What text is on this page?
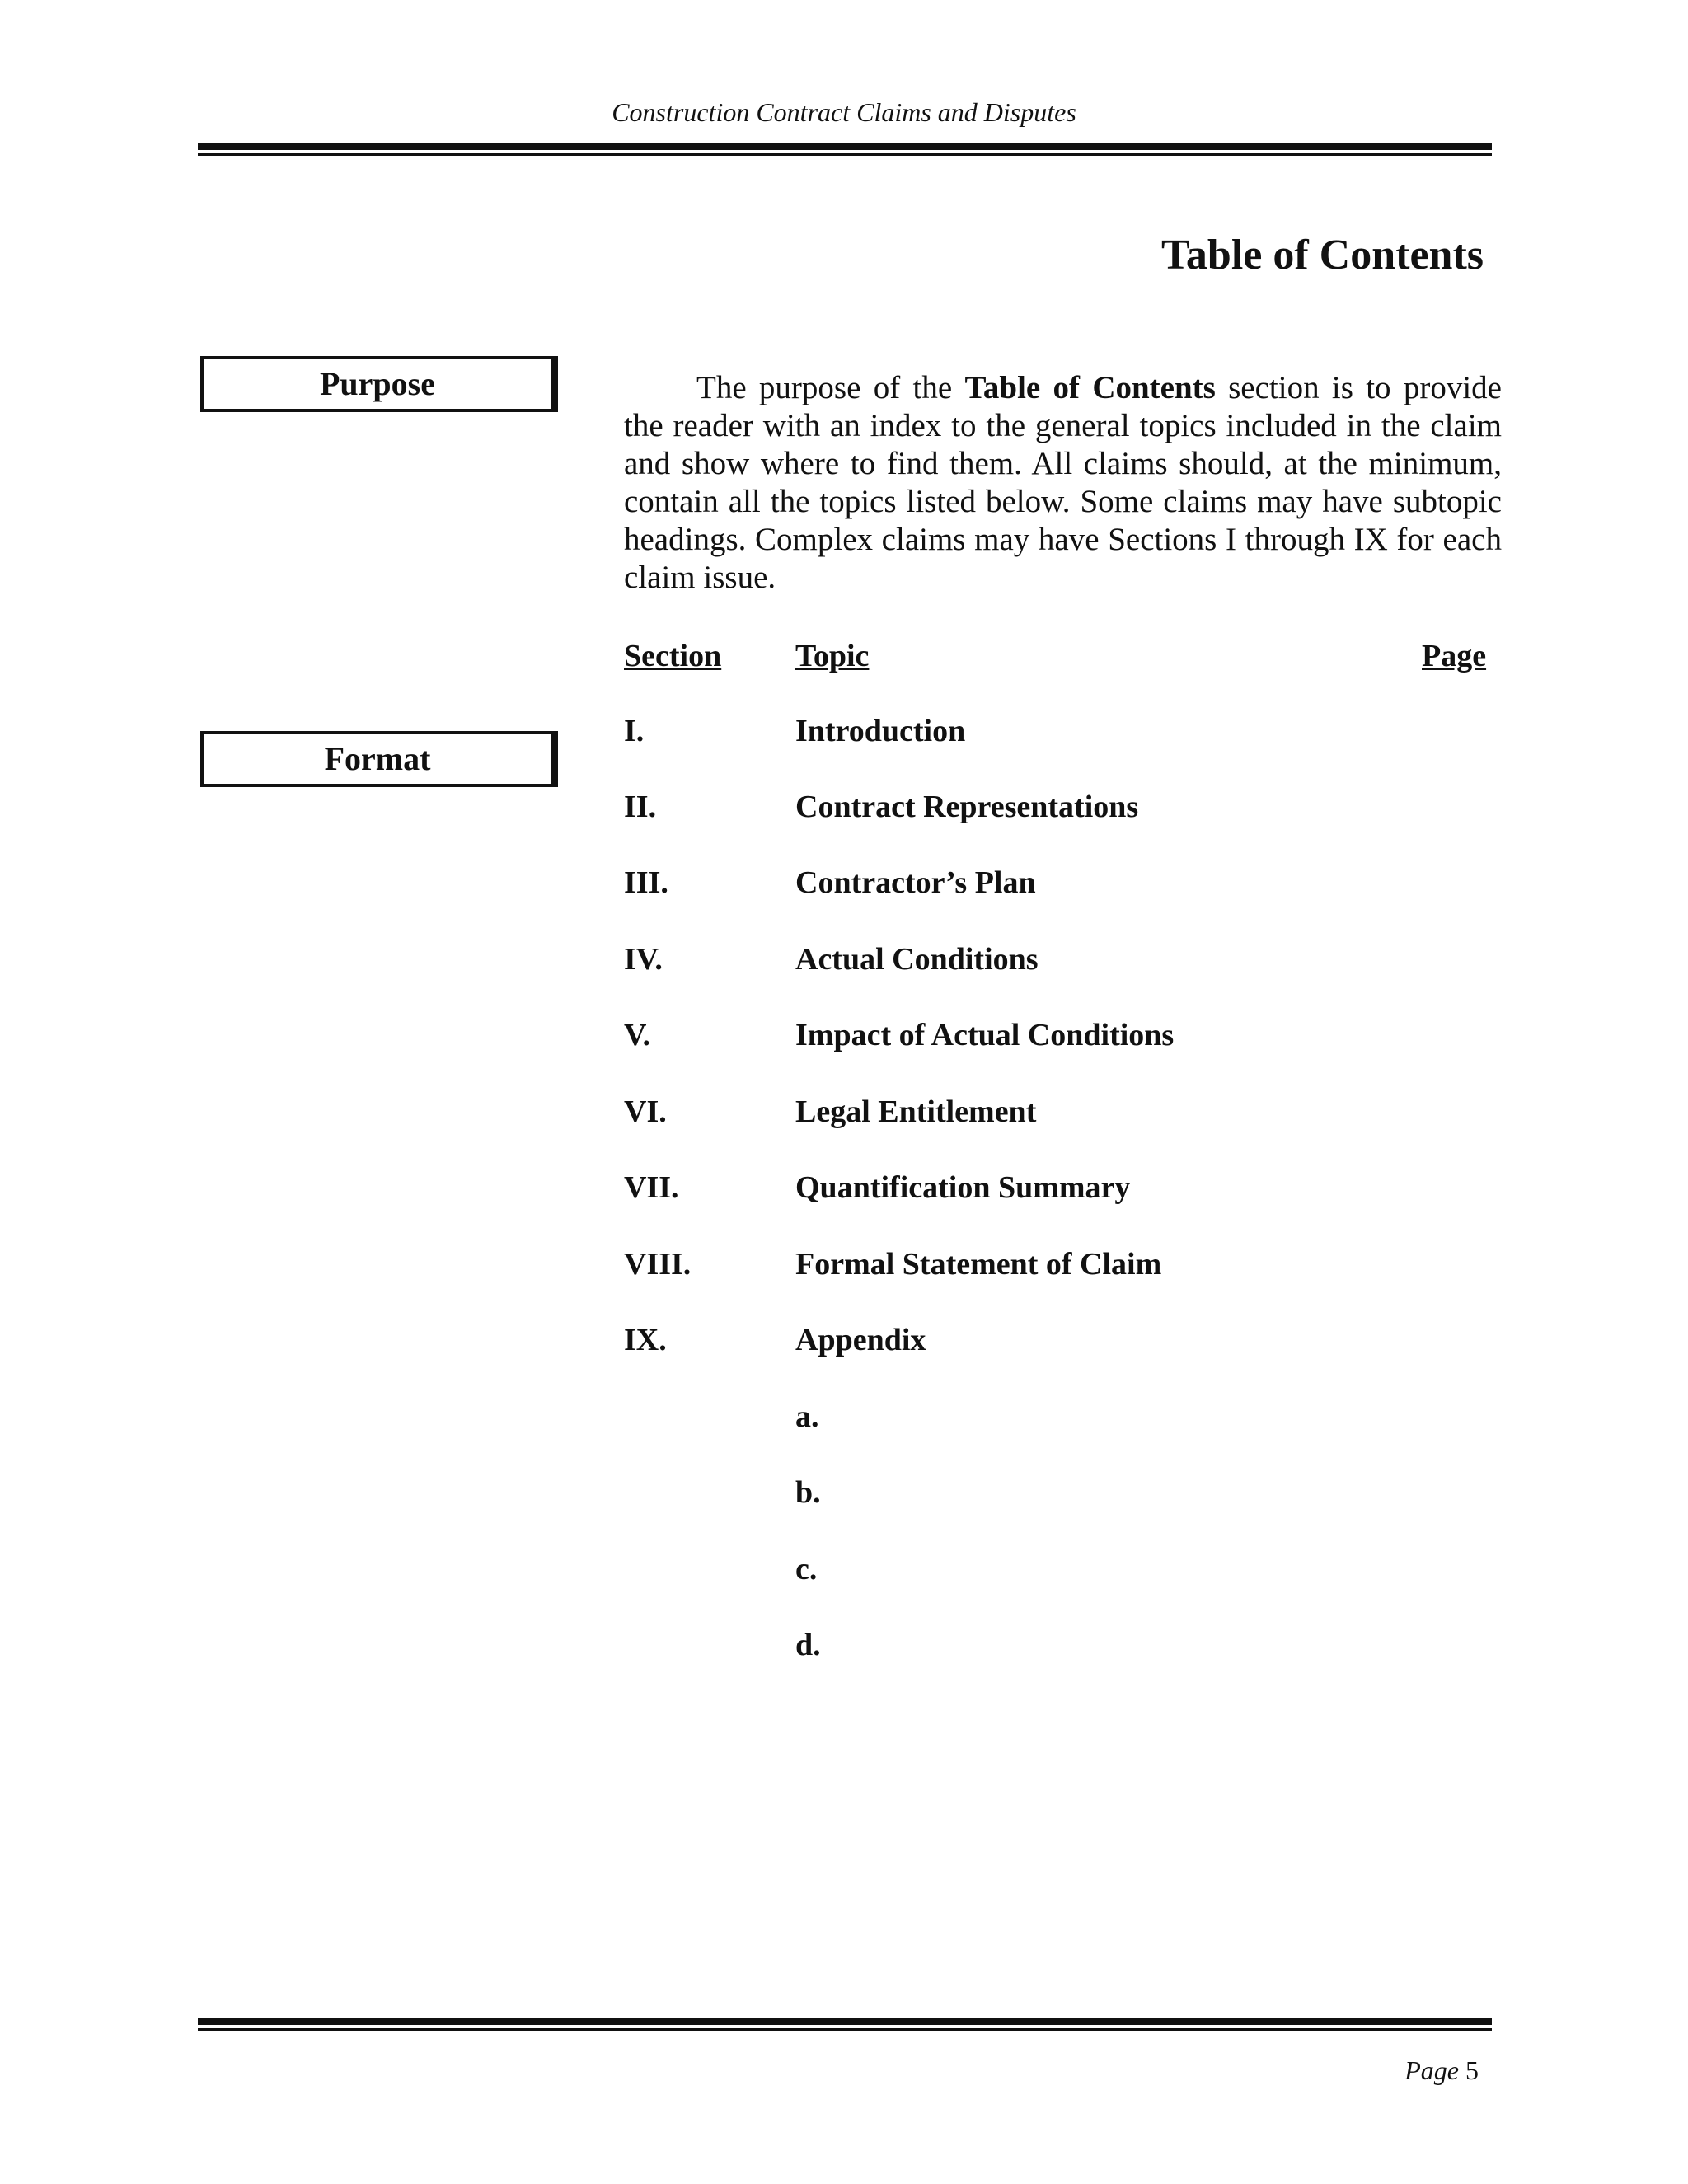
Construction Contract Claims and Disputes
Table of Contents
Purpose
Format
The purpose of the Table of Contents section is to provide the reader with an index to the general topics included in the claim and show where to find them. All claims should, at the minimum, contain all the topics listed below. Some claims may have subtopic headings. Complex claims may have Sections I through IX for each claim issue.
Section Topic	Page
I.	Introduction
II.	Contract Representations
III.	Contractor’s Plan
IV.	Actual Conditions
V.	Impact of Actual Conditions
VI.	Legal Entitlement
VII.	Quantification Summary
VIII.	Formal Statement of Claim
IX.	Appendix
a.
b.
c.
d.
Page 5
